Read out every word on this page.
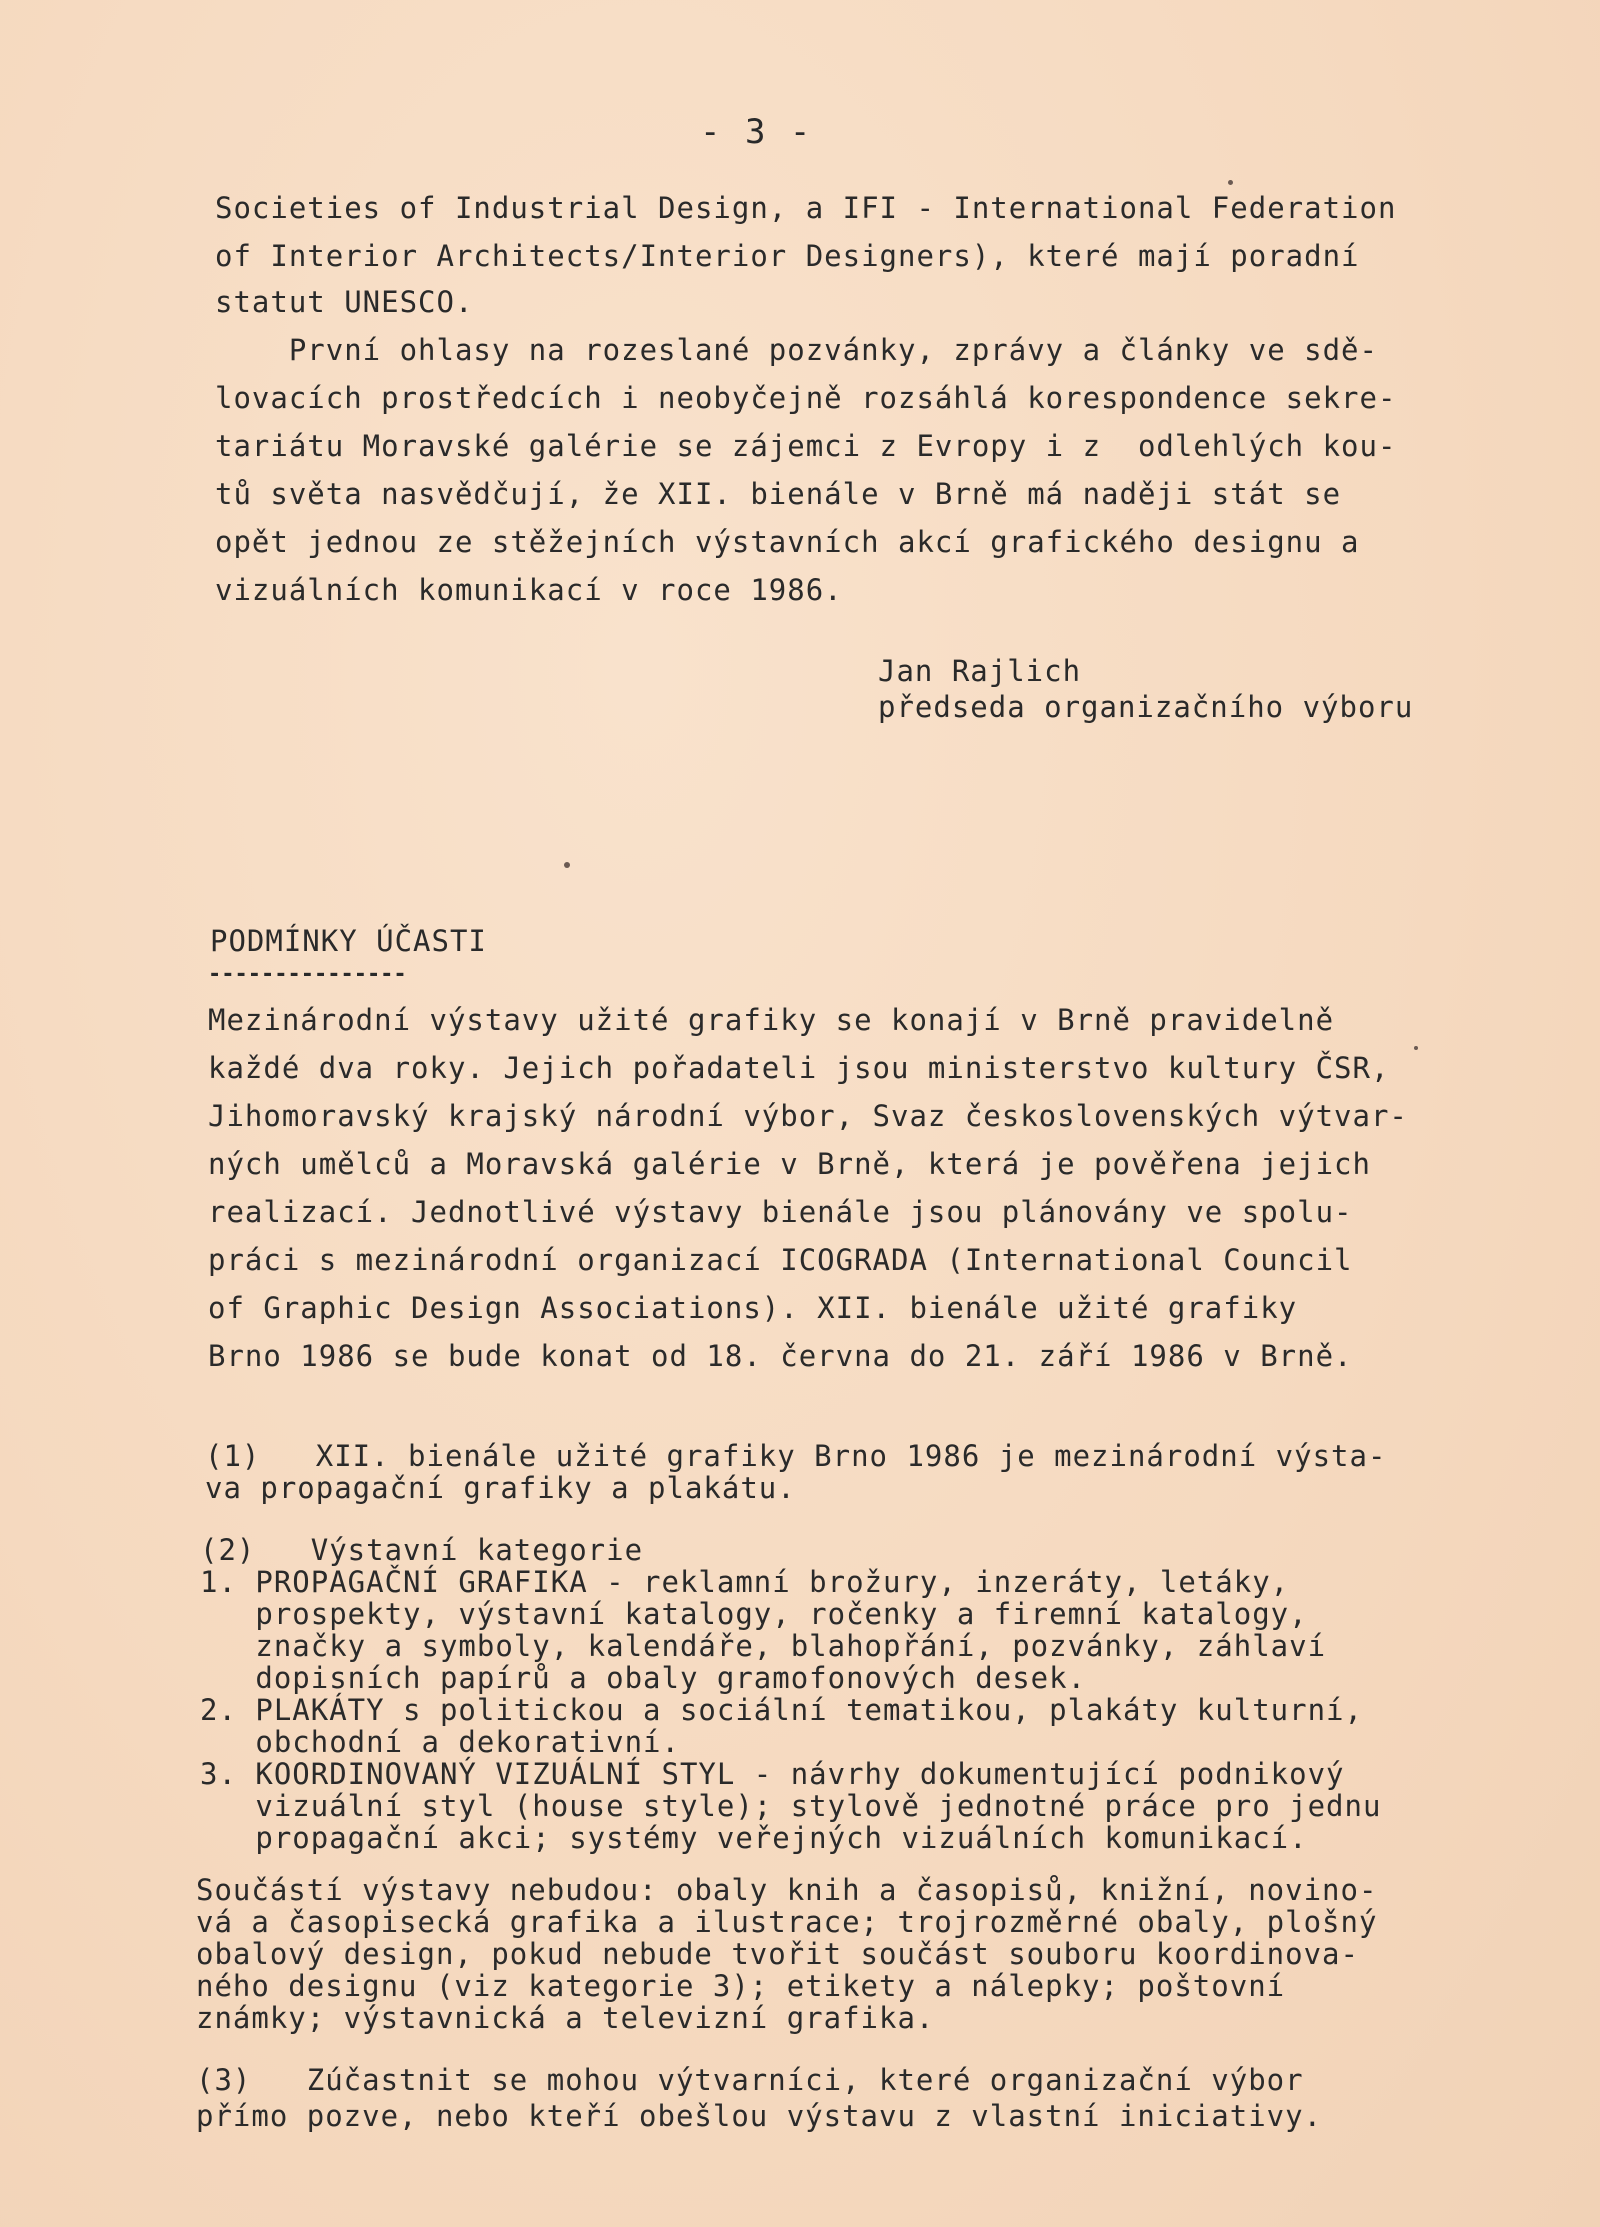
- 3 -
Societies of Industrial Design, a IFI - International Federation
of Interior Architects/Interior Designers), které mají poradní
statut UNESCO.
První ohlasy na rozeslané pozvánky, zprávy a články ve sdě-
lovacích prostředcích i neobyčejně rozsáhlá korespondence sekre-
tariátu Moravské galérie se zájemci z Evropy i z  odlehlých kou-
tů světa nasvědčují, že XII. bienále v Brně má naději stát se
opět jednou ze stěžejních výstavních akcí grafického designu a
vizuálních komunikací v roce 1986.
Jan Rajlich
předseda organizačního výboru
PODMÍNKY ÚČASTI
---------------
Mezinárodní výstavy užité grafiky se konají v Brně pravidelně
každé dva roky. Jejich pořadateli jsou ministerstvo kultury ČSR,
Jihomoravský krajský národní výbor, Svaz československých výtvar-
ných umělců a Moravská galérie v Brně, která je pověřena jejich
realizací. Jednotlivé výstavy bienále jsou plánovány ve spolu-
práci s mezinárodní organizací ICOGRADA (International Council
of Graphic Design Associations). XII. bienále užité grafiky
Brno 1986 se bude konat od 18. června do 21. září 1986 v Brně.
(1)   XII. bienále užité grafiky Brno 1986 je mezinárodní výsta-
va propagační grafiky a plakátu.
(2)   Výstavní kategorie
1. PROPAGAČNÍ GRAFIKA - reklamní brožury, inzeráty, letáky,
prospekty, výstavní katalogy, ročenky a firemní katalogy,
značky a symboly, kalendáře, blahopřání, pozvánky, záhlaví
dopisních papírů a obaly gramofonových desek.
2. PLAKÁTY s politickou a sociální tematikou, plakáty kulturní,
obchodní a dekorativní.
3. KOORDINOVANÝ VIZUÁLNÍ STYL - návrhy dokumentující podnikový
vizuální styl (house style); stylově jednotné práce pro jednu
propagační akci; systémy veřejných vizuálních komunikací.
Součástí výstavy nebudou: obaly knih a časopisů, knižní, novino-
vá a časopisecká grafika a ilustrace; trojrozměrné obaly, plošný
obalový design, pokud nebude tvořit součást souboru koordinova-
ného designu (viz kategorie 3); etikety a nálepky; poštovní
známky; výstavnická a televizní grafika.
(3)   Zúčastnit se mohou výtvarníci, které organizační výbor
přímo pozve, nebo kteří obešlou výstavu z vlastní iniciativy.
